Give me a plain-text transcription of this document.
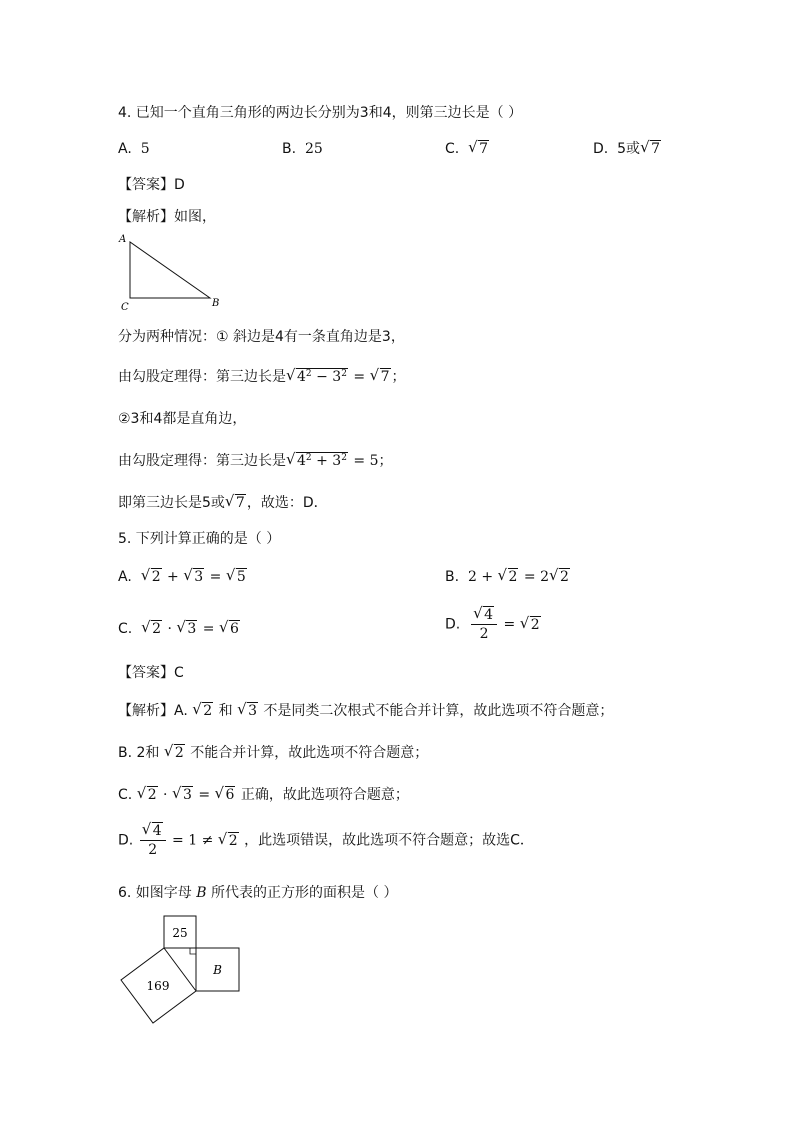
4. 已知一个直角三角形的两边长分别为3和4，则第三边长是（ ）
A. 5	B. 25	C. √ 7	D. 5或 √ 7
【答案】D
【解析】如图，
A
C	B
分为两种情况：① 斜边是4有一条直角边是3，
由勾股定理得：第三边长是 √ $4^2 - 3^2$ = √ 7 ；
②3和4都是直角边，
由勾股定理得：第三边长是 √ $4^2 + 3^2 = 5$；
即第三边长是5或 √ 7 ，故选：D．
5. 下列计算正确的是（ ）
A. √ 2 + √ 3 = √ 5	B. 2 + √ 2 = 2 √ 2
C. √ 2 · √ 3 = √ 6	D. √ $\frac{4}{2}$ = √ 2
【答案】C
【解析】A. √ 2 和 √ 3 不是同类二次根式不能合并计算，故此选项不符合题意；
B. 2和 √ 2 不能合并计算，故此选项不符合题意；
C. √ 2 · √ 3 = √ 6 正确，故此选项符合题意；
D. √ $\frac{4}{2} = 1$ ≠ √ 2 ，此选项错误，故此选项不符合题意；故选C．
6. 如图字母 B 所代表的正方形的面积是（ ）
25
B
169
